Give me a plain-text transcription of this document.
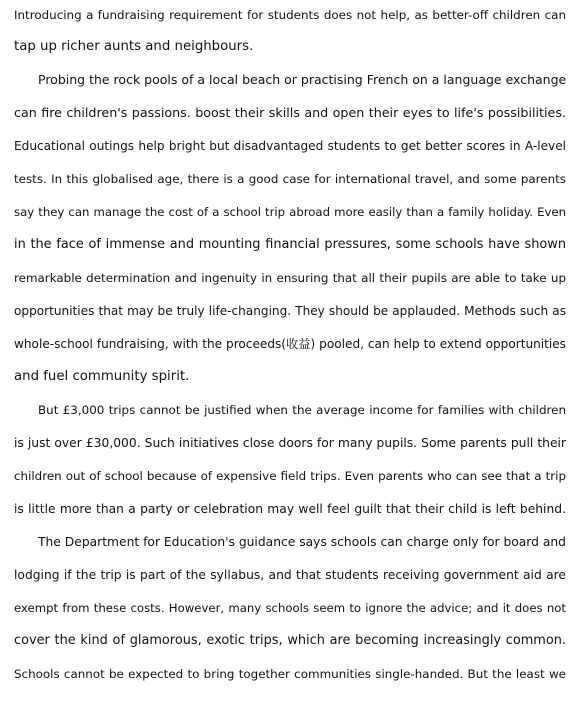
Introducing a fundraising requirement for students does not help, as better-off children can
tap up richer aunts and neighbours.
Probing the rock pools of a local beach or practising French on a language exchange
can fire children's passions. boost their skills and open their eyes to life's possibilities.
Educational outings help bright but disadvantaged students to get better scores in A-level
tests. In this globalised age, there is a good case for international travel, and some parents
say they can manage the cost of a school trip abroad more easily than a family holiday. Even
in the face of immense and mounting financial pressures, some schools have shown
remarkable determination and ingenuity in ensuring that all their pupils are able to take up
opportunities that may be truly life-changing. They should be applauded. Methods such as
whole-school fundraising, with the proceeds(收益) pooled, can help to extend opportunities
and fuel community spirit.
But £3,000 trips cannot be justified when the average income for families with children
is just over £30,000. Such initiatives close doors for many pupils. Some parents pull their
children out of school because of expensive field trips. Even parents who can see that a trip
is little more than a party or celebration may well feel guilt that their child is left behind.
The Department for Education's guidance says schools can charge only for board and
lodging if the trip is part of the syllabus, and that students receiving government aid are
exempt from these costs. However, many schools seem to ignore the advice; and it does not
cover the kind of glamorous, exotic trips, which are becoming increasingly common.
Schools cannot be expected to bring together communities single-handed. But the least we
